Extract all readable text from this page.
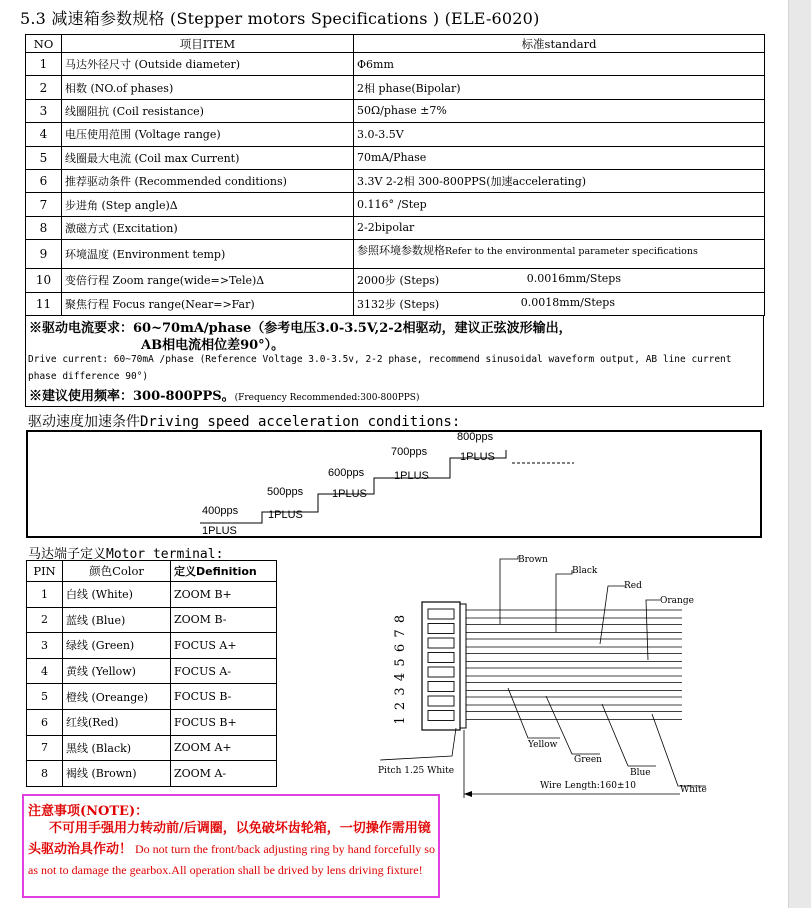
5.3 减速箱参数规格 (Stepper motors Specifications ) (ELE-6020)
NO	项目ITEM	标准standard
1	马达外径尺寸 (Outside diameter)	Φ6mm
2	相数 (NO.of phases)	2相 phase(Bipolar)
3	线圈阻抗 (Coil resistance)	50Ω/phase ±7%
4	电压使用范围 (Voltage range)	3.0-3.5V
5	线圈最大电流 (Coil max Current)	70mA/Phase
6	推荐驱动条件 (Recommended conditions)	3.3V 2-2相 300-800PPS(加速accelerating)
7	步进角 (Step angle)Δ	0.116° /Step
8	激磁方式 (Excitation)	2-2bipolar
9	环境温度 (Environment temp)	参照环境参数规格Refer to the environmental parameter specifications
10	变倍行程 Zoom range(wide=>Tele)Δ	2000步 (Steps) 0.0016mm/Steps

11	聚焦行程 Focus range(Near=>Far)	3132步 (Steps) 0.0018mm/Steps
※驱动电流要求：60~70mA/phase（参考电压3.0-3.5V,2-2相驱动，建议正弦波形输出，
AB相电流相位差90°）。
Drive current: 60~70mA /phase (Reference Voltage 3.0-3.5v, 2-2 phase, recommend sinusoidal waveform output, AB line current phase difference 90°)
※建议使用频率：300-800PPS。(Frequency Recommended:300-800PPS)
驱动速度加速条件Driving speed acceleration conditions:
400pps
1PLUS
500pps
1PLUS
600pps
1PLUS
700pps
1PLUS
800pps
1PLUS
马达端子定义Motor terminal:
PIN	颜色Color	定义Definition
1	白线 (White)	ZOOM B+
2	蓝线 (Blue)	ZOOM B-
3	绿线 (Green)	FOCUS A+
4	黄线 (Yellow)	FOCUS A-
5	橙线 (Oreange)	FOCUS B-
6	红线(Red)	FOCUS B+
7	黑线 (Black)	ZOOM A+
8	褐线 (Brown)	ZOOM A-
1
2
3
4
5
6
7
8
Brown
Black
Red
Orange
Yellow
Green
Blue
White
Pitch 1.25 White
Wire Length:160±10
注意事项(NOTE)：
不可用手强用力转动前/后调圈，以免破坏齿轮箱，一切操作需用镜头驱动治具作动！ Do not turn the front/back adjusting ring by hand forcefully so as not to damage the gearbox.All operation shall be drived by lens driving fixture!
